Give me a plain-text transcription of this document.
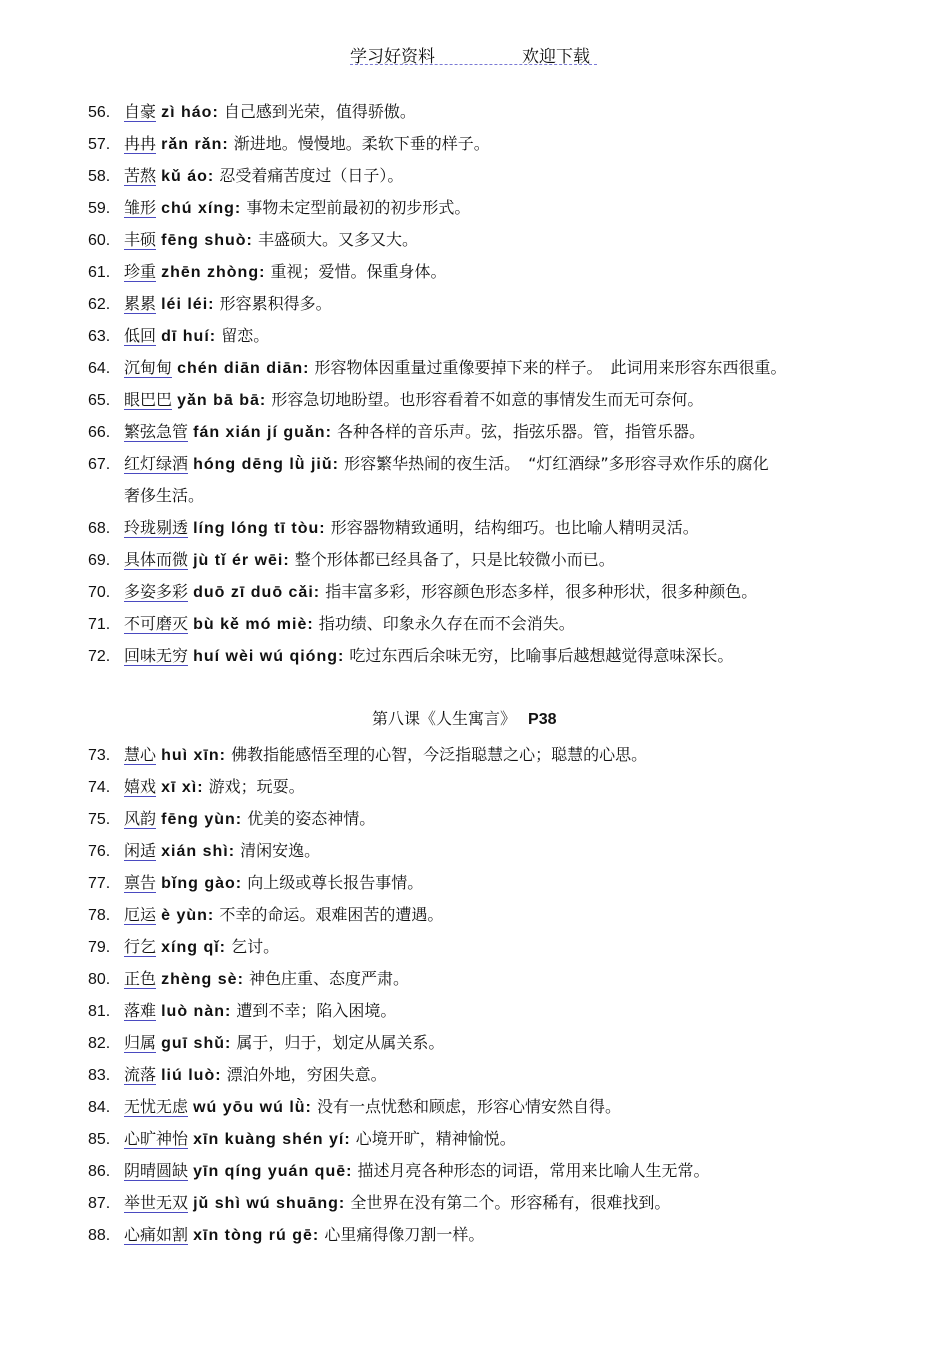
学习好资料	欢迎下载
56. 自豪 zì háo: 自己感到光荣，值得骄傲。
57. 冉冉 rǎn rǎn: 渐进地。慢慢地。柔软下垂的样子。
58. 苦熬 kǔ áo: 忍受着痛苦度过（日子）。
59. 雏形 chú xíng: 事物未定型前最初的初步形式。
60. 丰硕 fēng shuò: 丰盛硕大。又多又大。
61. 珍重 zhēn zhòng: 重视；爱惜。保重身体。
62. 累累 léi léi: 形容累积得多。
63. 低回 dī huí: 留恋。
64. 沉甸甸 chén diān diān: 形容物体因重量过重像要掉下来的样子。　此词用来形容东西很重。
65. 眼巴巴 yǎn bā bā: 形容急切地盼望。也形容看着不如意的事情发生而无可奈何。
66. 繁弦急管 fán xián jí guǎn: 各种各样的音乐声。弦，指弦乐器。管，指管乐器。
67. 红灯绿酒 hóng dēng lǜ jiǔ: 形容繁华热闹的夜生活。　“灯红酒绿”多形容寻欢作乐的腐化
奢侈生活。
68. 玲珑剔透 líng lóng tī tòu: 形容器物精致通明，结构细巧。也比喻人精明灵活。
69. 具体而微 jù tǐ ér wēi: 整个形体都已经具备了，只是比较微小而已。
70. 多姿多彩 duō zī duō cǎi: 指丰富多彩，形容颜色形态多样，很多种形状，很多种颜色。
71. 不可磨灭 bù kě mó miè: 指功绩、印象永久存在而不会消失。
72. 回味无穷 huí wèi wú qióng: 吃过东西后余味无穷，比喻事后越想越觉得意味深长。
73. 慧心 huì xīn: 佛教指能感悟至理的心智，今泛指聪慧之心；聪慧的心思。
74. 嬉戏 xī xì: 游戏；玩耍。
75. 风韵 fēng yùn: 优美的姿态神情。
76. 闲适 xián shì: 清闲安逸。
77. 禀告 bǐng gào: 向上级或尊长报告事情。
78. 厄运 è yùn: 不幸的命运。艰难困苦的遭遇。
79. 行乞 xíng qǐ: 乞讨。
80. 正色 zhèng sè: 神色庄重、态度严肃。
81. 落难 luò nàn: 遭到不幸；陷入困境。
82. 归属 guī shǔ: 属于，归于，划定从属关系。
83. 流落 liú luò: 漂泊外地，穷困失意。
84. 无忧无虑 wú yōu wú lǜ: 没有一点忧愁和顾虑，形容心情安然自得。
85. 心旷神怡 xīn kuàng shén yí: 心境开旷，精神愉悦。
86. 阴晴圆缺 yīn qíng yuán quē: 描述月亮各种形态的词语，常用来比喻人生无常。
87. 举世无双 jǔ shì wú shuāng: 全世界在没有第二个。形容稀有，很难找到。
88. 心痛如割 xīn tòng rú gē: 心里痛得像刀割一样。
第八课《人生寓言》 P38
